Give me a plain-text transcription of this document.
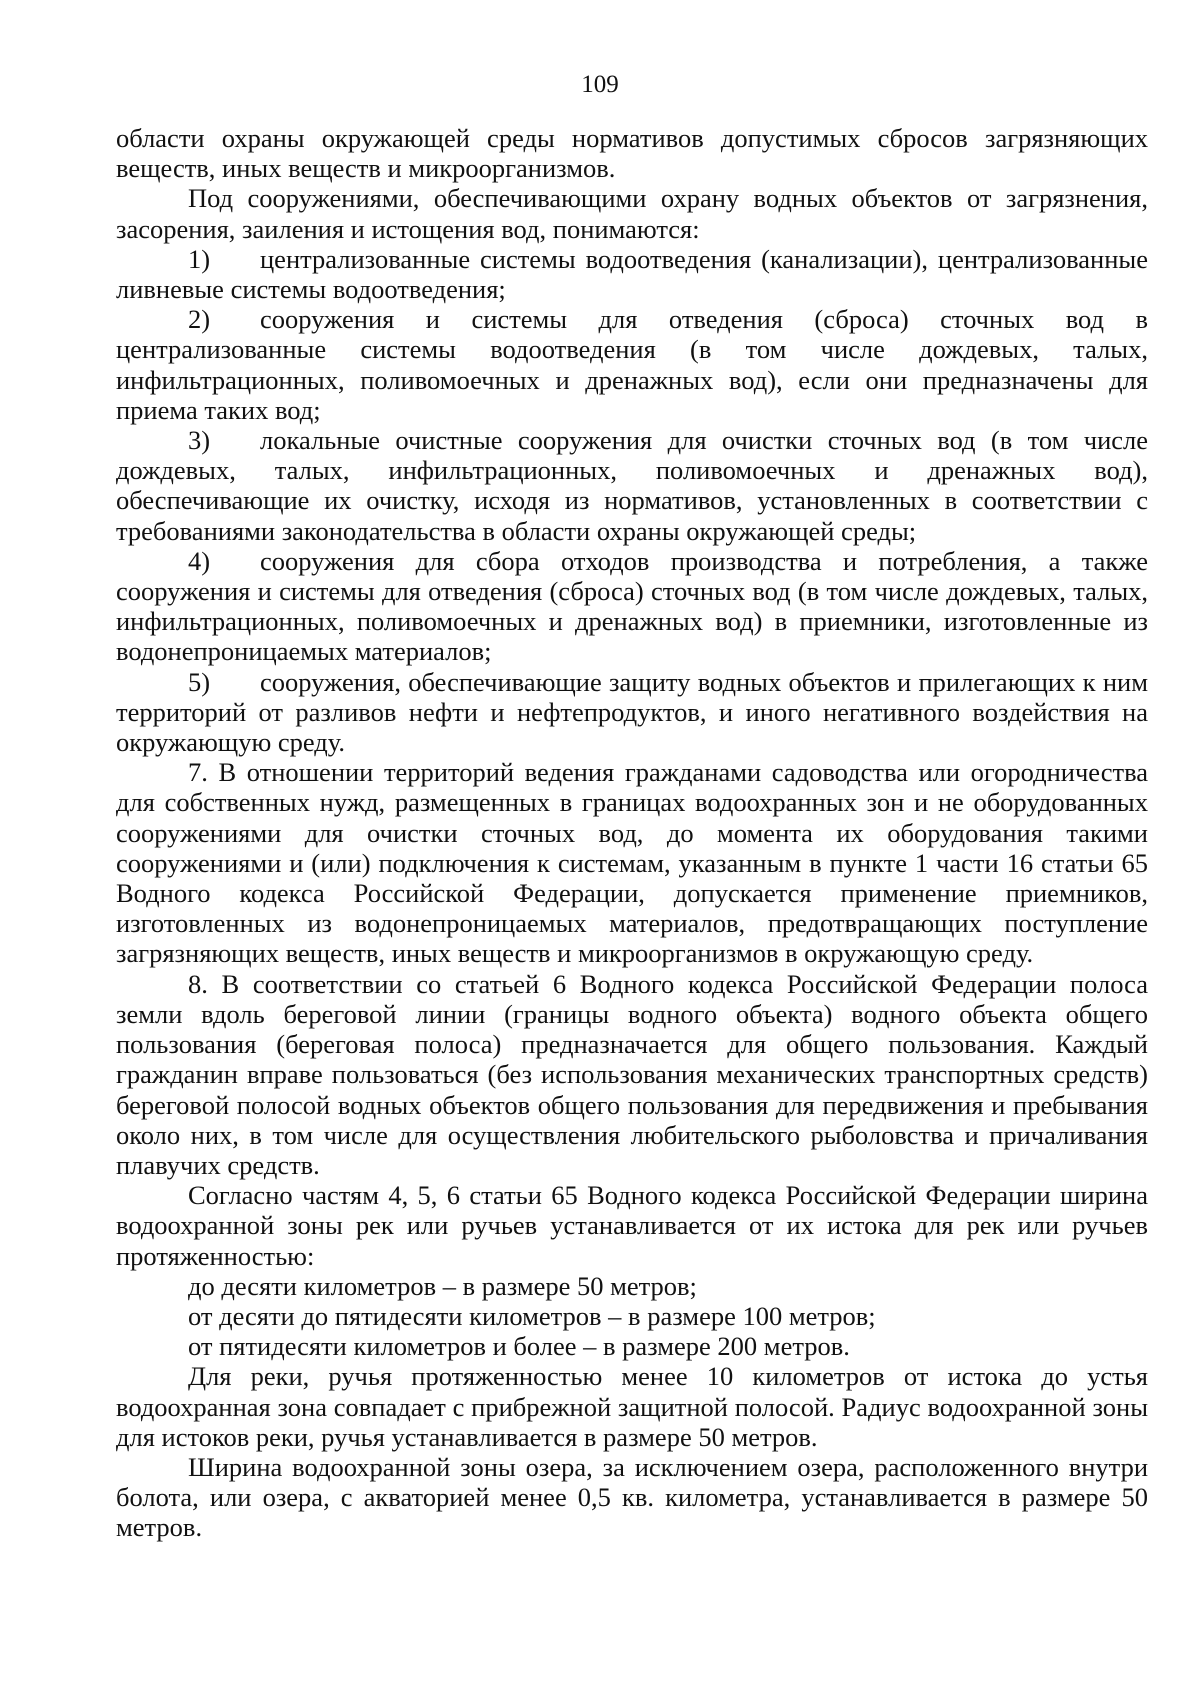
109

области охраны окружающей среды нормативов допустимых сбросов загрязняющих веществ, иных веществ и микроорганизмов.

Под сооружениями, обеспечивающими охрану водных объектов от загрязнения, засорения, заиления и истощения вод, понимаются:

1) централизованные системы водоотведения (канализации), централизованные ливневые системы водоотведения;

2) сооружения и системы для отведения (сброса) сточных вод в централизованные системы водоотведения (в том числе дождевых, талых, инфильтрационных, поливомоечных и дренажных вод), если они предназначены для приема таких вод;

3) локальные очистные сооружения для очистки сточных вод (в том числе дождевых, талых, инфильтрационных, поливомоечных и дренажных вод), обеспечивающие их очистку, исходя из нормативов, установленных в соответствии с требованиями законодательства в области охраны окружающей среды;

4) сооружения для сбора отходов производства и потребления, а также сооружения и системы для отведения (сброса) сточных вод (в том числе дождевых, талых, инфильтрационных, поливомоечных и дренажных вод) в приемники, изготовленные из водонепроницаемых материалов;

5) сооружения, обеспечивающие защиту водных объектов и прилегающих к ним территорий от разливов нефти и нефтепродуктов, и иного негативного воздействия на окружающую среду.

7. В отношении территорий ведения гражданами садоводства или огородничества для собственных нужд, размещенных в границах водоохранных зон и не оборудованных сооружениями для очистки сточных вод, до момента их оборудования такими сооружениями и (или) подключения к системам, указанным в пункте 1 части 16 статьи 65 Водного кодекса Российской Федерации, допускается применение приемников, изготовленных из водонепроницаемых материалов, предотвращающих поступление загрязняющих веществ, иных веществ и микроорганизмов в окружающую среду.

8. В соответствии со статьей 6 Водного кодекса Российской Федерации полоса земли вдоль береговой линии (границы водного объекта) водного объекта общего пользования (береговая полоса) предназначается для общего пользования. Каждый гражданин вправе пользоваться (без использования механических транспортных средств) береговой полосой водных объектов общего пользования для передвижения и пребывания около них, в том числе для осуществления любительского рыболовства и причаливания плавучих средств.

Согласно частям 4, 5, 6 статьи 65 Водного кодекса Российской Федерации ширина водоохранной зоны рек или ручьев устанавливается от их истока для рек или ручьев протяженностью:

до десяти километров – в размере 50 метров;

от десяти до пятидесяти километров – в размере 100 метров;

от пятидесяти километров и более – в размере 200 метров.

Для реки, ручья протяженностью менее 10 километров от истока до устья водоохранная зона совпадает с прибрежной защитной полосой. Радиус водоохранной зоны для истоков реки, ручья устанавливается в размере 50 метров.

Ширина водоохранной зоны озера, за исключением озера, расположенного внутри болота, или озера, с акваторией менее 0,5 кв. километра, устанавливается в размере 50 метров.
